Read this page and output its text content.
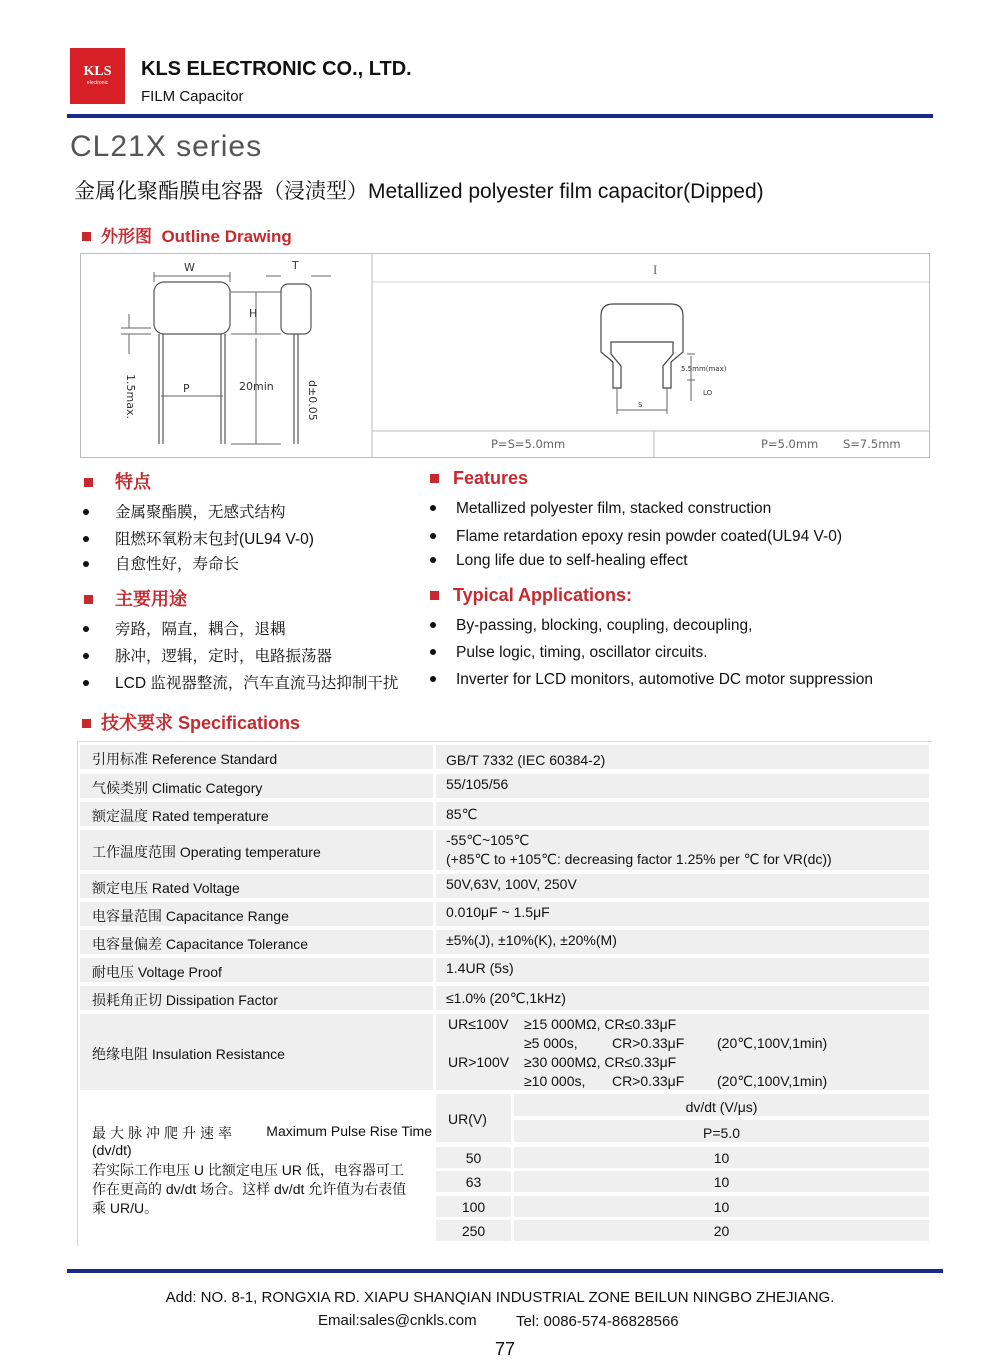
KLS
electronic
KLS ELECTRONIC CO., LTD.
FILM Capacitor
CL21X series
金属化聚酯膜电容器（浸渍型）Metallized polyester film capacitor(Dipped)
外形图 Outline Drawing
W	T
H
P	20min
1.5max.	d±0.05
I
5.5mm(max)
LO
S
P=S=5.0mm	P=5.0mm S=7.5mm
特点	Features
金属聚酯膜，无感式结构
阻燃环氧粉末包封(UL94 V-0)
自愈性好，寿命长
Metallized polyester film, stacked construction
Flame retardation epoxy resin powder coated(UL94 V-0)
Long life due to self-healing effect
主要用途	Typical Applications:
旁路，隔直，耦合，退耦
脉冲，逻辑，定时，电路振荡器
LCD 监视器整流，汽车直流马达抑制干扰
By-passing, blocking, coupling, decoupling,
Pulse logic, timing, oscillator circuits.
Inverter for LCD monitors, automotive DC motor suppression
技术要求 Specifications
引用标准 Reference Standard	GB/T 7332 (IEC 60384-2)
气候类别 Climatic Category	55/105/56
额定温度 Rated temperature	85℃
工作温度范围 Operating temperature
-55℃~105℃
(+85℃ to +105℃: decreasing factor 1.25% per ℃ for VR(dc))
额定电压 Rated Voltage	50V,63V, 100V, 250V
电容量范围 Capacitance Range	0.010μF ~ 1.5μF
电容量偏差 Capacitance Tolerance	±5%(J), ±10%(K), ±20%(M)
耐电压 Voltage Proof	1.4UR (5s)
损耗角正切 Dissipation Factor	≤1.0% (20℃,1kHz)
绝缘电阻 Insulation Resistance
UR≤100V ≥15 000MΩ, CR≤0.33μF
≥5 000s, CR>0.33μF (20℃,100V,1min)
UR>100V ≥30 000MΩ, CR≤0.33μF
≥10 000s, CR>0.33μF (20℃,100V,1min)
最大脉冲爬升速率 Maximum Pulse Rise Time
(dv/dt)
若实际工作电压 U 比额定电压 UR 低，电容器可工
作在更高的 dv/dt 场合。这样 dv/dt 允许值为右表值
乘 UR/U。
UR(V)
dv/dt (V/μs)
P=5.0
50	10
63	10
100	10
250	20
Add: NO. 8-1, RONGXIA RD. XIAPU SHANQIAN INDUSTRIAL ZONE BEILUN NINGBO ZHEJIANG.
Email:sales@cnkls.com	Tel: 0086-574-86828566
77
